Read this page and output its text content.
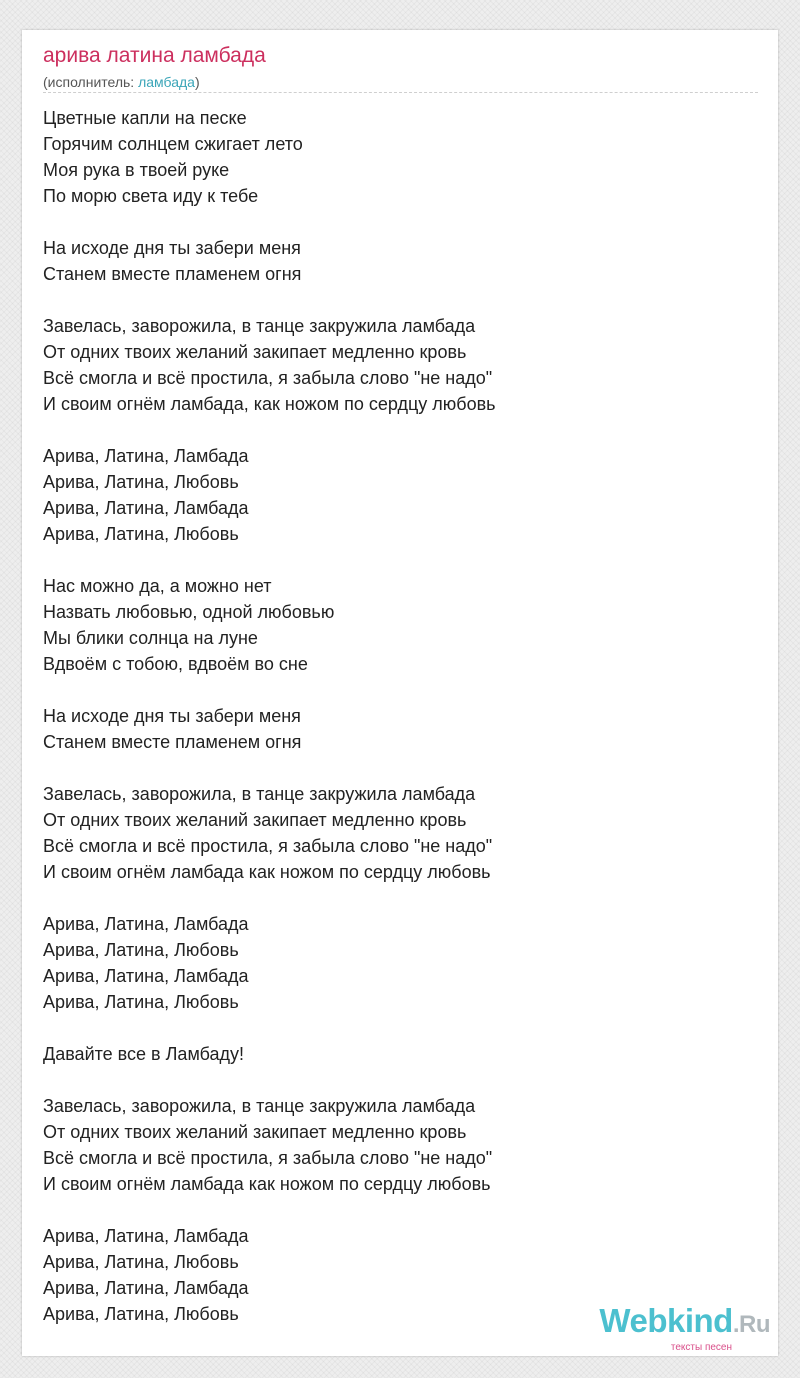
арива латина ламбада
(исполнитель: ламбада)
Цветные капли на песке
Горячим солнцем сжигает лето
Моя рука в твоей руке
По морю света иду к тебе
На исходе дня ты забери меня
Станем вместе пламенем огня
Завелась, заворожила, в танце закружила ламбада
От одних твоих желаний закипает медленно кровь
Всё смогла и всё простила, я забыла слово "не надо"
И своим огнём ламбада, как ножом по сердцу любовь
Арива, Латина, Ламбада
Арива, Латина, Любовь
Арива, Латина, Ламбада
Арива, Латина, Любовь
Нас можно да, а можно нет
Назвать любовью, одной любовью
Мы блики солнца на луне
Вдвоём с тобою, вдвоём во сне
На исходе дня ты забери меня
Станем вместе пламенем огня
Завелась, заворожила, в танце закружила ламбада
От одних твоих желаний закипает медленно кровь
Всё смогла и всё простила, я забыла слово "не надо"
И своим огнём ламбада как ножом по сердцу любовь
Арива, Латина, Ламбада
Арива, Латина, Любовь
Арива, Латина, Ламбада
Арива, Латина, Любовь
Давайте все в Ламбаду!
Завелась, заворожила, в танце закружила ламбада
От одних твоих желаний закипает медленно кровь
Всё смогла и всё простила, я забыла слово "не надо"
И своим огнём ламбада как ножом по сердцу любовь
Арива, Латина, Ламбада
Арива, Латина, Любовь
Арива, Латина, Ламбада
Арива, Латина, Любовь	Webkind.Ru
тексты песен
